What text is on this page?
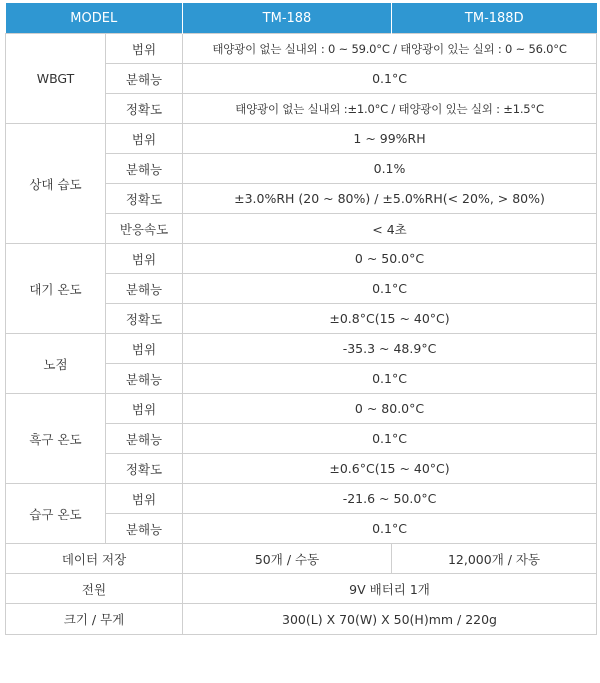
MODEL		TM-188	TM-188D
WBGT	범위	태양광이 없는 실내외 : 0 ~ 59.0°C / 태양광이 있는 실외 : 0 ~ 56.0°C	
	분해능	0.1°C	
	정확도	태양광이 없는 실내외 :±1.0°C / 태양광이 있는 실외 : ±1.5°C	
상대 습도	범위	1 ~ 99%RH	
	분해능	0.1%	
	정확도	±3.0%RH (20 ~ 80%) / ±5.0%RH(< 20%, > 80%)	
	반응속도	< 4초	
대기 온도	범위	0 ~ 50.0°C	
	분해능	0.1°C	
	정확도	±0.8°C(15 ~ 40°C)	
노점	범위	-35.3 ~ 48.9°C	
	분해능	0.1°C	
흑구 온도	범위	0 ~ 80.0°C	
	분해능	0.1°C	
	정확도	±0.6°C(15 ~ 40°C)	
습구 온도	범위	-21.6 ~ 50.0°C	
	분해능	0.1°C	
데이터 저장		50개 / 수동	12,000개 / 자동
전원		9V 배터리 1개	
크기 / 무게		300(L) X 70(W) X 50(H)mm / 220g	
